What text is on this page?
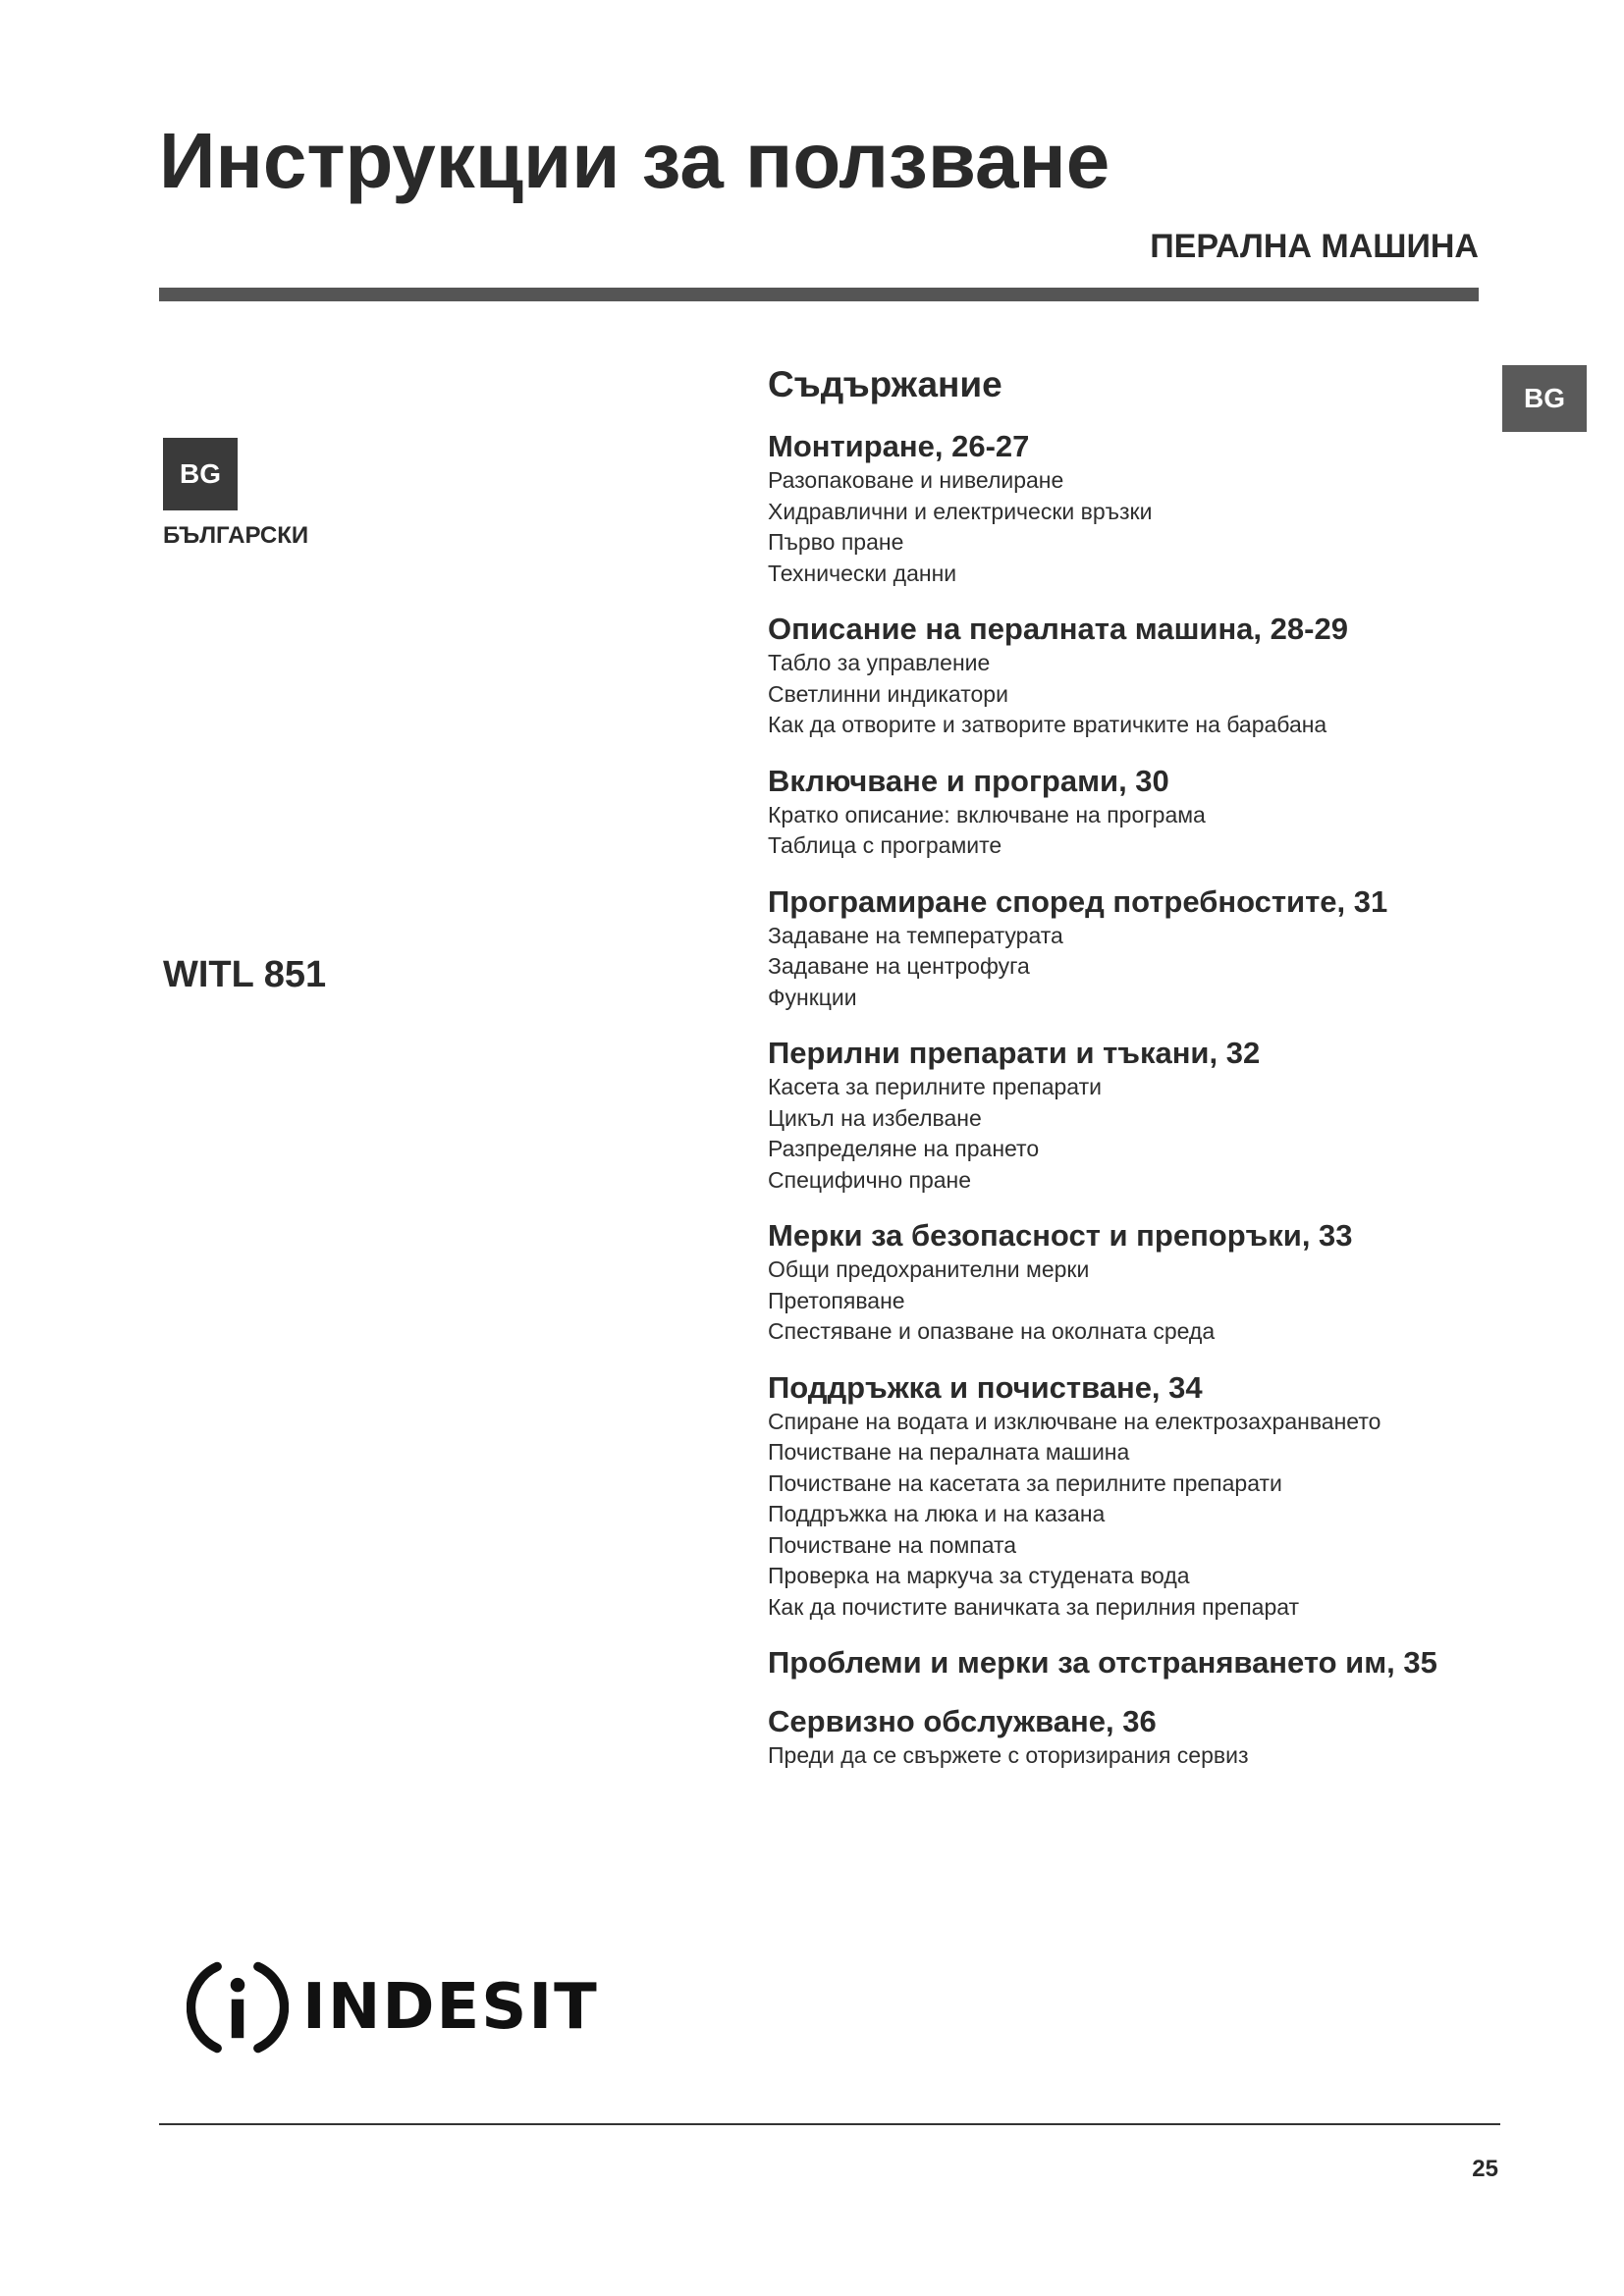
Инструкции за ползване
ПЕРАЛНА МАШИНА
BG
BG
БЪЛГАРСКИ
WITL 851
Съдържание
Монтиране, 26-27
Разопаковане и нивелиране
Хидравлични и електрически връзки
Първо пране
Технически данни
Описание на пералната машина, 28-29
Табло за управление
Светлинни индикатори
Как да отворите и затворите вратичките на барабана
Включване и програми, 30
Кратко описание: включване на програма
Таблица с програмите
Програмиране според потребностите, 31
Задаване на температурата
Задаване на центрофуга
Функции
Перилни препарати и тъкани, 32
Касета за перилните препарати
Цикъл на избелване
Разпределяне на прането
Специфично пране
Мерки за безопасност и препоръки, 33
Общи предохранителни мерки
Претопяване
Спестяване и опазване на околната среда
Поддръжка и почистване, 34
Спиране на водата и изключване на електрозахранването
Почистване на пералната машина
Почистване на касетата за перилните препарати
Поддръжка на люка и на казана
Почистване на помпата
Проверка на маркуча за студената вода
Как да почистите ваничката за перилния препарат
Проблеми и мерки за отстраняването им, 35
Сервизно обслужване, 36
Преди да се свържете с оторизирания сервиз
INDESIT
25
